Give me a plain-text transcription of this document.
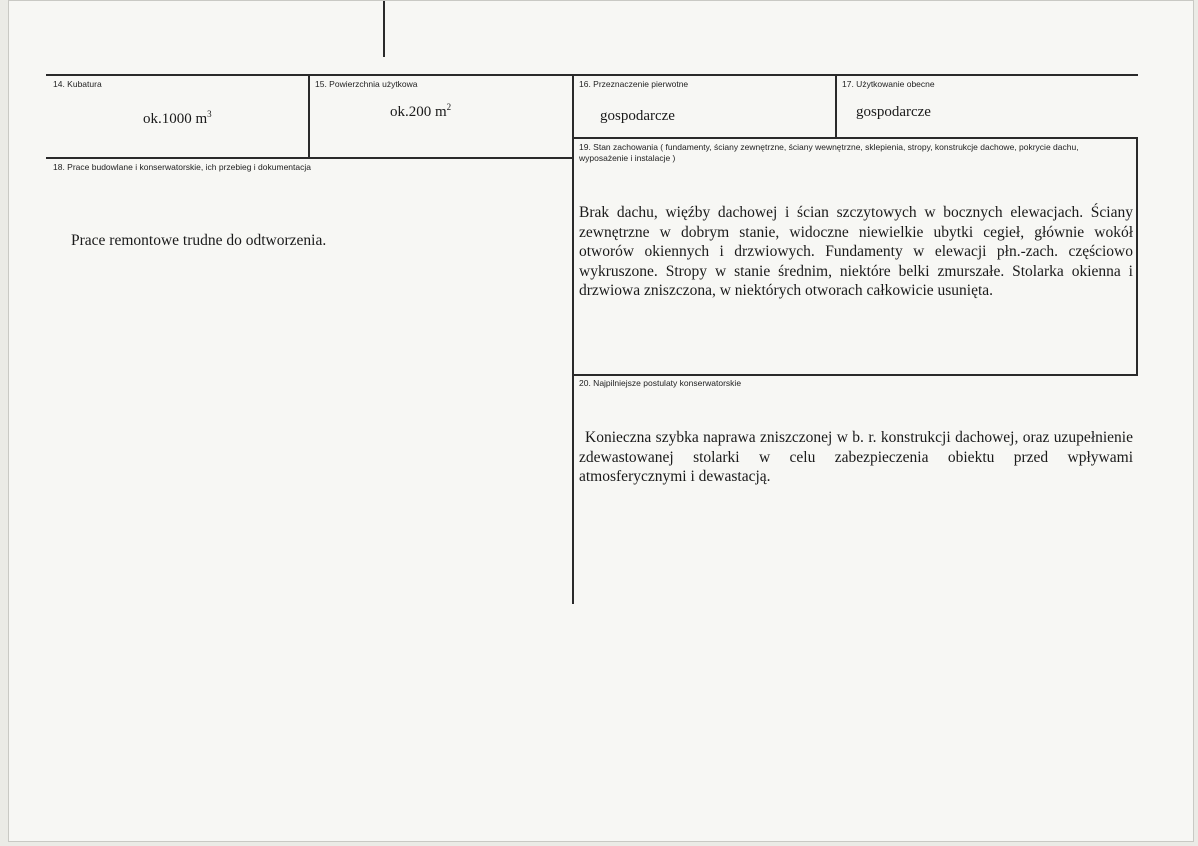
14. Kubatura
ok.1000 $m^3$
15. Powierzchnia użytkowa
ok.200 $m^2$
16. Przeznaczenie pierwotne
gospodarcze
17. Użytkowanie obecne
gospodarcze
18. Prace budowlane i konserwatorskie, ich przebieg i dokumentacja
Prace remontowe trudne do odtworzenia.
19. Stan zachowania ( fundamenty, ściany zewnętrzne, ściany wewnętrzne, sklepienia, stropy, konstrukcje dachowe, pokrycie dachu, wyposażenie i instalacje )
Brak dachu, więźby dachowej i ścian szczytowych w bocznych elewacjach. Ściany zewnętrzne w dobrym stanie, widoczne niewielkie ubytki cegieł, głównie wokół otworów okiennych i drzwiowych. Fundamenty w elewacji płn.-zach. częściowo wykruszone. Stropy w stanie średnim, niektóre belki zmurszałe. Stolarka okienna i drzwiowa zniszczona, w niektórych otworach całkowicie usunięta.
20. Najpilniejsze postulaty konserwatorskie
Konieczna szybka naprawa zniszczonej w b. r. konstrukcji dachowej, oraz uzupełnienie zdewastowanej stolarki w celu zabezpieczenia obiektu przed wpływami atmosferycznymi i dewastacją.
